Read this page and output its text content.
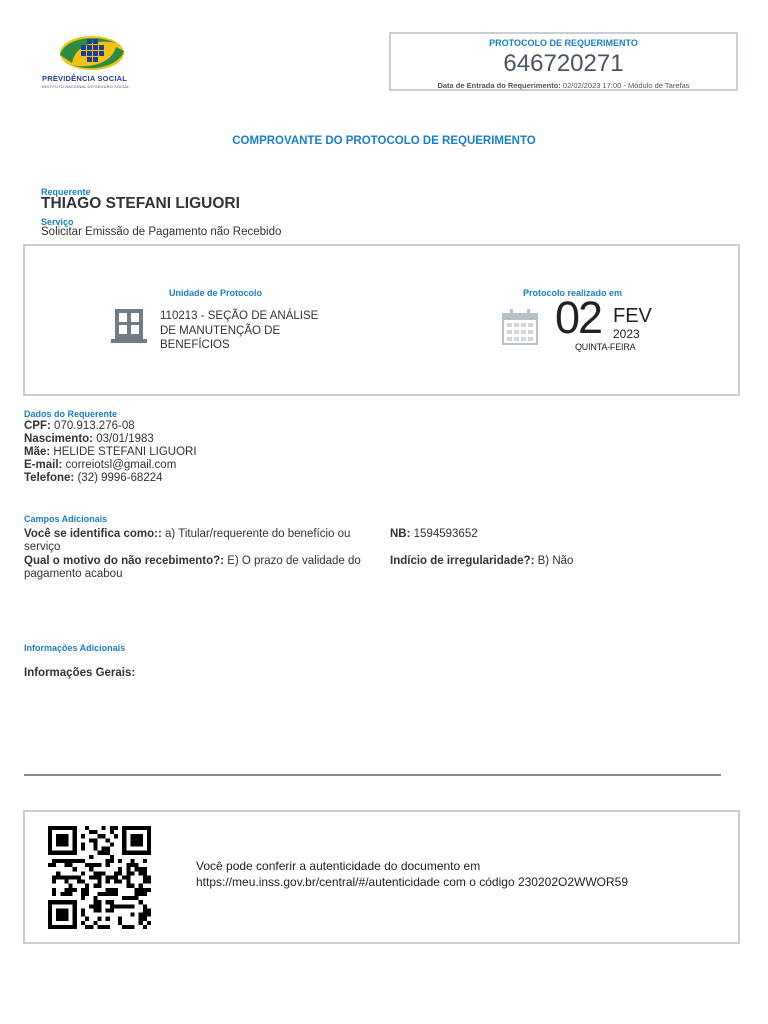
PREVIDÊNCIA SOCIAL
INSTITUTO NACIONAL DO SEGURO SOCIAL
PROTOCOLO DE REQUERIMENTO
646720271
Data de Entrada do Requerimento: 02/02/2023 17:00 - Módulo de Tarefas
COMPROVANTE DO PROTOCOLO DE REQUERIMENTO
Requerente
THIAGO STEFANI LIGUORI
Serviço
Solicitar Emissão de Pagamento não Recebido
Unidade de Protocolo
110213 - SEÇÃO DE ANÁLISE
DE MANUTENÇÃO DE
BENEFÍCIOS
Protocolo realizado em
02 FEV
2023
QUINTA-FEIRA
Dados do Requerente
CPF: 070.913.276-08
Nascimento: 03/01/1983
Mãe: HELIDE STEFANI LIGUORI
E-mail: correiotsl@gmail.com
Telefone: (32) 9996-68224
Campos Adicionais
Você se identifica como:: a) Titular/requerente do benefício ou serviço
Qual o motivo do não recebimento?: E) O prazo de validade do pagamento acabou
NB: 1594593652
Indício de irregularidade?: B) Não
Informações Adicionais
Informações Gerais:
Você pode conferir a autenticidade do documento em
https://meu.inss.gov.br/central/#/autenticidade com o código 230202O2WWOR59
